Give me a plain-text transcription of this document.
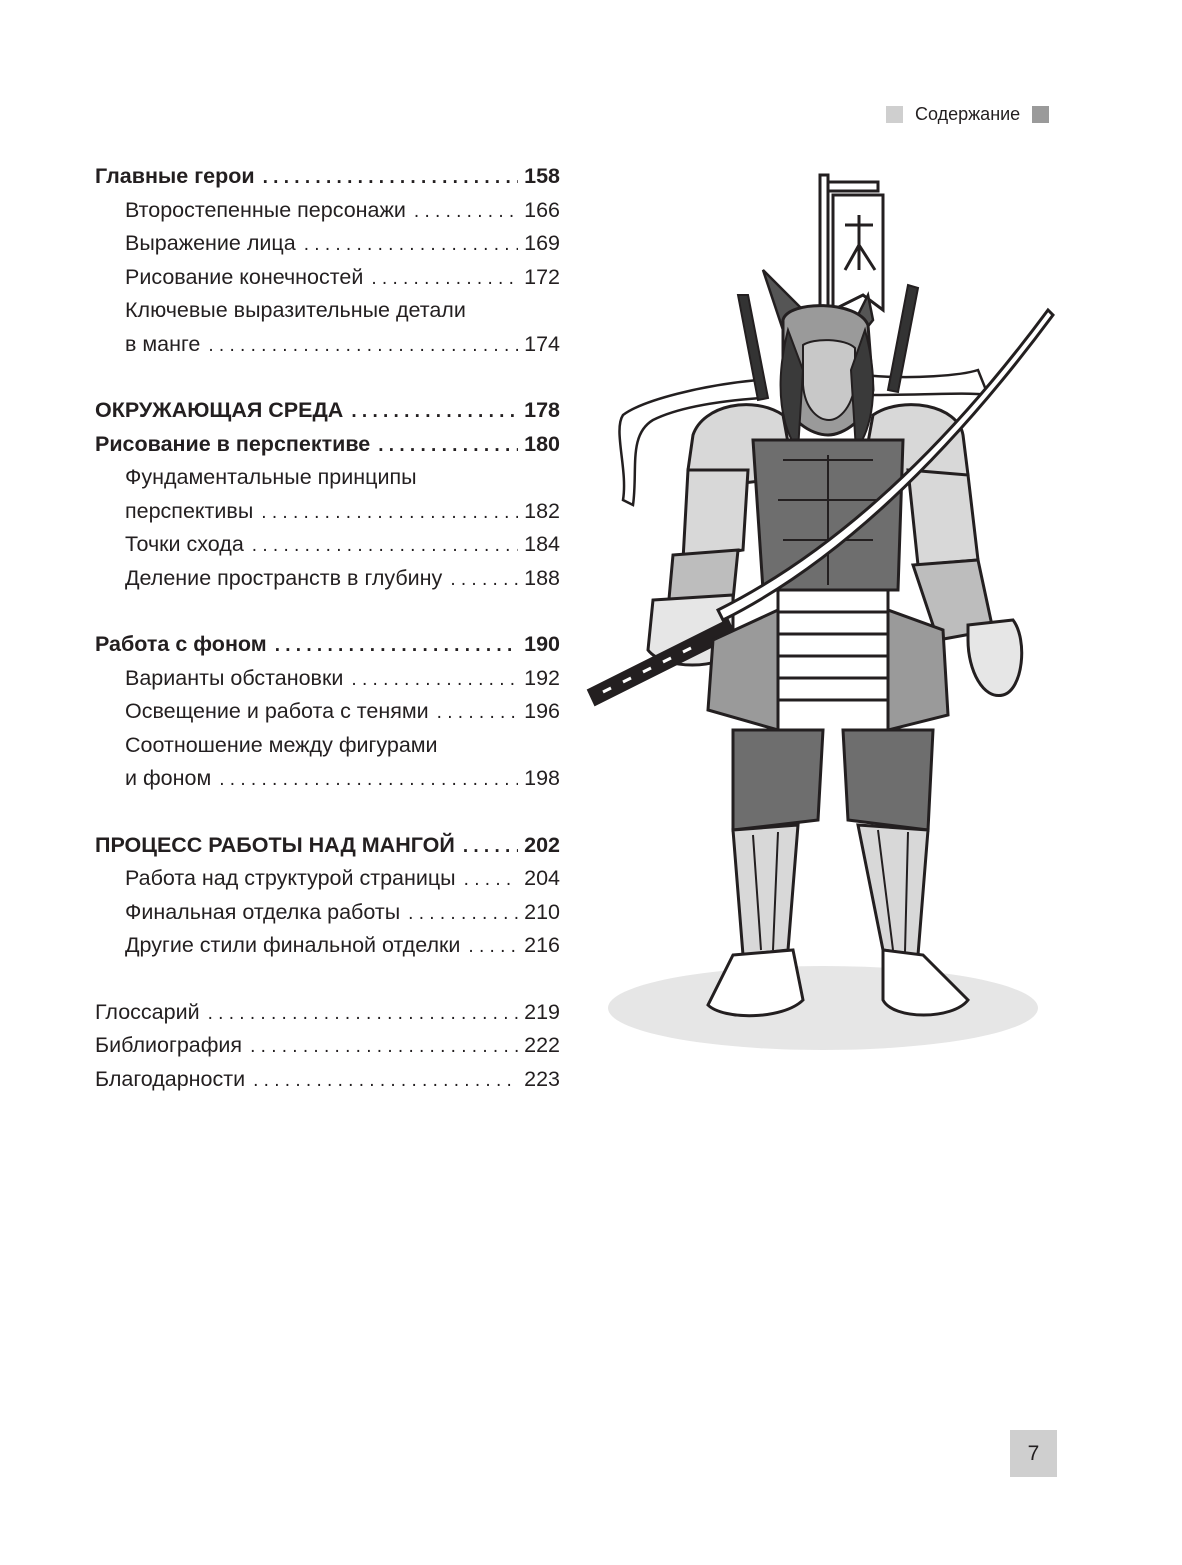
Содержание
Главные герои . . .	158
Второстепенные персонажи . . .	166
Выражение лица . . .	169
Рисование конечностей . . .	172
Ключевые выразительные детали
в манге . . .	174
ОКРУЖАЮЩАЯ СРЕДА . . .	178
Рисование в перспективе . . .	180
Фундаментальные принципы
перспективы . . .	182
Точки схода . . .	184
Деление пространств в глубину . . .	188
Работа с фоном . . .	190
Варианты обстановки . . .	192
Освещение и работа с тенями . . .	196
Соотношение между фигурами
и фоном . . .	198
ПРОЦЕСС РАБОТЫ НАД МАНГОЙ . . .	202
Работа над структурой страницы . . .	204
Финальная отделка работы . . .	210
Другие стили финальной отделки . . .	216
Глоссарий . . .	219
Библиография . . .	222
Благодарности . . .	223
7
